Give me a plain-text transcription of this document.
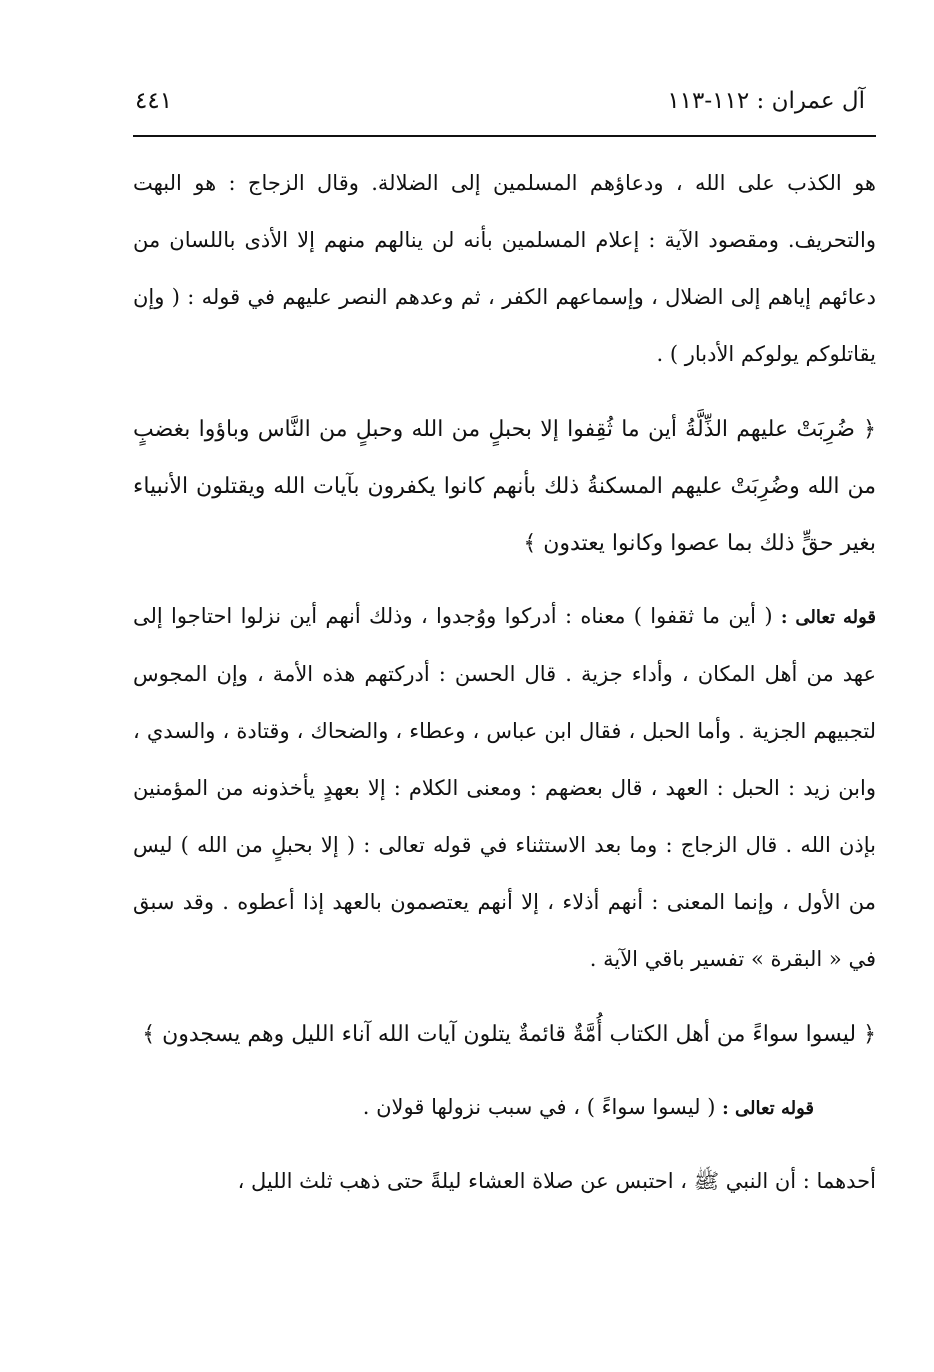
آل عمران : ١١٢-١١٣
٤٤١

هو الكذب على الله ، ودعاؤهم المسلمين إلى الضلالة. وقال الزجاج : هو البهت والتحريف. ومقصود الآية : إعلام المسلمين بأنه لن ينالهم منهم إلا الأذى باللسان من دعائهم إياهم إلى الضلال ، وإسماعهم الكفر ، ثم وعدهم النصر عليهم في قوله : ( وإن يقاتلوكم يولوكم الأدبار ) .

﴿ ضُرِبَتْ عليهم الذِّلَّةُ أين ما ثُقِفوا إلا بحبلٍ من الله وحبلٍ من النَّاس وباؤوا بغضبٍ من الله وضُرِبَتْ عليهم المسكنةُ ذلك بأنهم كانوا يكفرون بآيات الله ويقتلون الأنبياء بغير حقٍّ ذلك بما عصوا وكانوا يعتدون ﴾

قوله تعالى : ( أين ما ثقفوا ) معناه : أدركوا ووُجدوا ، وذلك أنهم أين نزلوا احتاجوا إلى عهد من أهل المكان ، وأداء جزية . قال الحسن : أدركتهم هذه الأمة ، وإن المجوس لتجبيهم الجزية . وأما الحبل ، فقال ابن عباس ، وعطاء ، والضحاك ، وقتادة ، والسدي ، وابن زيد : الحبل : العهد ، قال بعضهم : ومعنى الكلام : إلا بعهدٍ يأخذونه من المؤمنين بإذن الله . قال الزجاج : وما بعد الاستثناء في قوله تعالى : ( إلا بحبلٍ من الله ) ليس من الأول ، وإنما المعنى : أنهم أذلاء ، إلا أنهم يعتصمون بالعهد إذا أعطوه . وقد سبق في « البقرة » تفسير باقي الآية .

﴿ ليسوا سواءً من أهل الكتاب أُمَّةٌ قائمةٌ يتلون آيات الله آناء الليل وهم يسجدون ﴾

قوله تعالى : ( ليسوا سواءً ) ، في سبب نزولها قولان .

أحدهما : أن النبي ﷺ ، احتبس عن صلاة العشاء ليلةً حتى ذهب ثلث الليل ،
